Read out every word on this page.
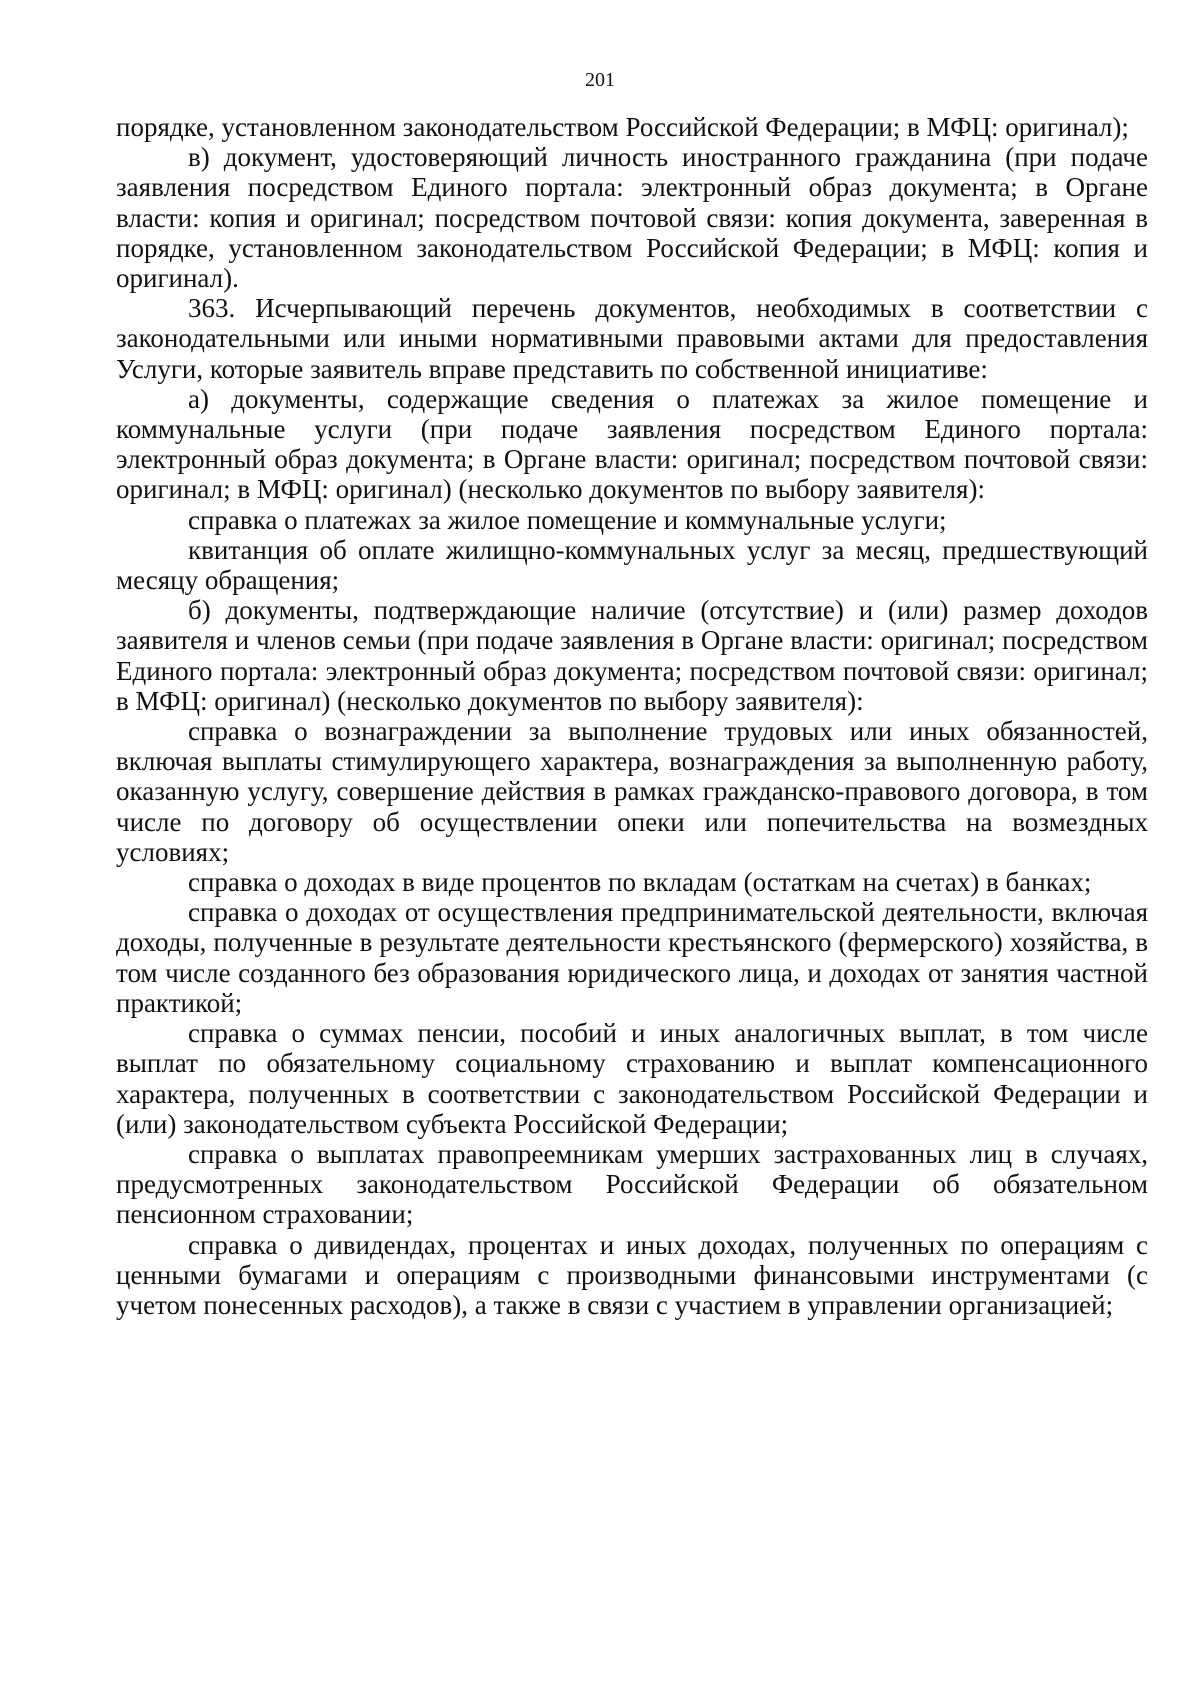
201

порядке, установленном законодательством Российской Федерации; в МФЦ: оригинал);

в) документ, удостоверяющий личность иностранного гражданина (при подаче заявления посредством Единого портала: электронный образ документа; в Органе власти: копия и оригинал; посредством почтовой связи: копия документа, заверенная в порядке, установленном законодательством Российской Федерации; в МФЦ: копия и оригинал).

363. Исчерпывающий перечень документов, необходимых в соответствии с законодательными или иными нормативными правовыми актами для предоставления Услуги, которые заявитель вправе представить по собственной инициативе:

а) документы, содержащие сведения о платежах за жилое помещение и коммунальные услуги (при подаче заявления посредством Единого портала: электронный образ документа; в Органе власти: оригинал; посредством почтовой связи: оригинал; в МФЦ: оригинал) (несколько документов по выбору заявителя):

справка о платежах за жилое помещение и коммунальные услуги;

квитанция об оплате жилищно-коммунальных услуг за месяц, предшествующий месяцу обращения;

б) документы, подтверждающие наличие (отсутствие) и (или) размер доходов заявителя и членов семьи (при подаче заявления в Органе власти: оригинал; посредством Единого портала: электронный образ документа; посредством почтовой связи: оригинал; в МФЦ: оригинал) (несколько документов по выбору заявителя):

справка о вознаграждении за выполнение трудовых или иных обязанностей, включая выплаты стимулирующего характера, вознаграждения за выполненную работу, оказанную услугу, совершение действия в рамках гражданско-правового договора, в том числе по договору об осуществлении опеки или попечительства на возмездных условиях;

справка о доходах в виде процентов по вкладам (остаткам на счетах) в банках;

справка о доходах от осуществления предпринимательской деятельности, включая доходы, полученные в результате деятельности крестьянского (фермерского) хозяйства, в том числе созданного без образования юридического лица, и доходах от занятия частной практикой;

справка о суммах пенсии, пособий и иных аналогичных выплат, в том числе выплат по обязательному социальному страхованию и выплат компенсационного характера, полученных в соответствии с законодательством Российской Федерации и (или) законодательством субъекта Российской Федерации;

справка о выплатах правопреемникам умерших застрахованных лиц в случаях, предусмотренных законодательством Российской Федерации об обязательном пенсионном страховании;

справка о дивидендах, процентах и иных доходах, полученных по операциям с ценными бумагами и операциям с производными финансовыми инструментами (с учетом понесенных расходов), а также в связи с участием в управлении организацией;
